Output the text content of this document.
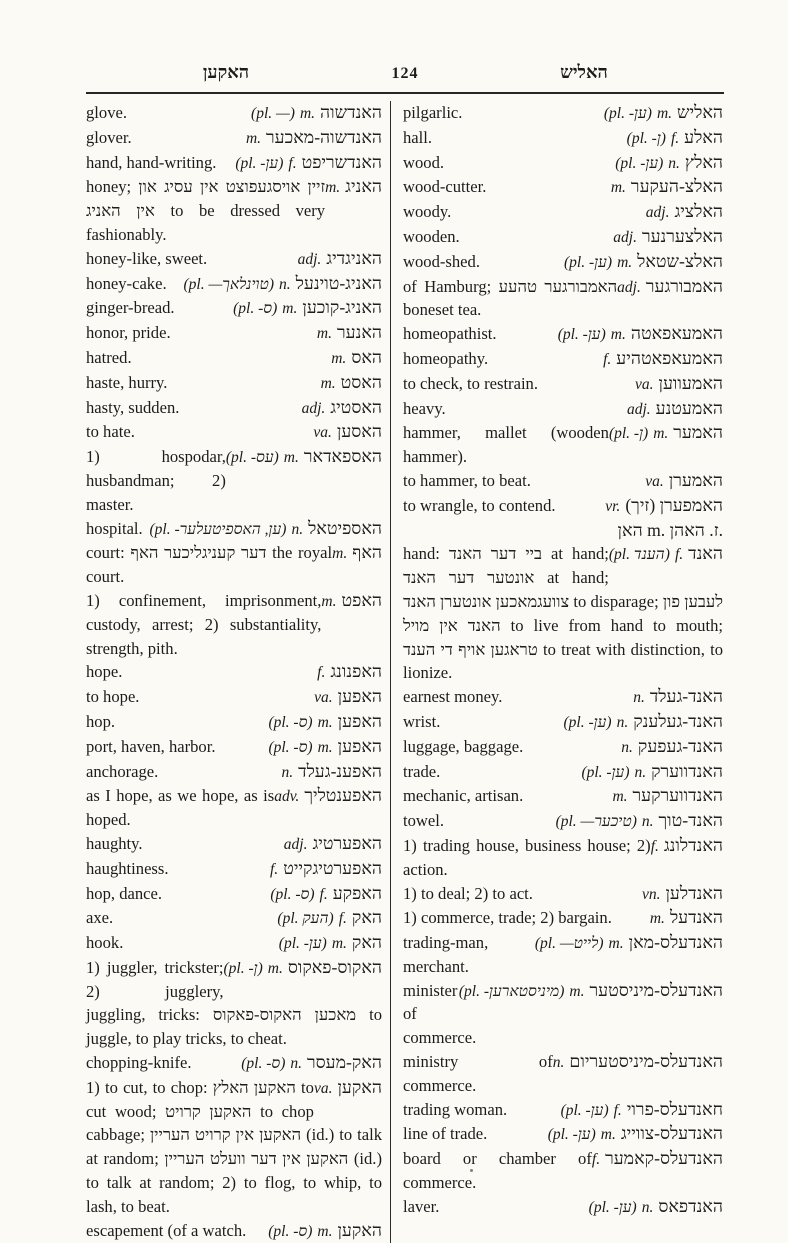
האקען	124	האליש
(pl. —) m. האנדשוה
glove.
m. האנדשוה-מאכער
glover.
(pl. -ען) f. האנדשריפט
hand, hand-writing.
m. האניג
honey; זיין אויסגעפוצט אין עסיג און אין האניג to be dressed very fashionably.
adj. האניגדיג
honey-like, sweet.
(pl. —טוינלאך) n. האניג-טוינעל
honey-cake.
(pl. -ס) m. האניג-קוכען
ginger-bread.
m. האנער
honor, pride.
m. האס
hatred.
m. האסט
haste, hurry.
adj. האסטיג
hasty, sudden.
va. האסען
to hate.
(pl. -עס) m. האספאדאר
1) hospodar, husbandman; 2) master.
(pl. -ען, האספיטעלער) n. האספיטאל
hospital.
m. האף
court: דער קעניגליכער האף the royal court.
m. האפט
1) confinement, imprisonment, custody, arrest; 2) substantiality, strength, pith.
f. האפנונג
hope.
va. האפען
to hope.
(pl. -ס) m. האפען
hop.
(pl. -ס) m. האפען
port, haven, harbor.
n. האפענ-געלד
anchorage.
adv. האפענטליך
as I hope, as we hope, as is hoped.
adj. האפערטיג
haughty.
f. האפערטיגקייט
haughtiness.
(pl. -ס) f. האפקע
hop, dance.
(pl. העק) f. האק
axe.
(pl. -ען) m. האק
hook.
(pl. -ן) m. האקוס-פאקוס
1) juggler, trickster; 2) jugglery, juggling, tricks: מאכען האקוס-פאקוס to juggle, to play tricks, to cheat.
(pl. -ס) n. האק-מעסר
chopping-knife.
va. האקען
1) to cut, to chop: האקען האלץ to cut wood; האקען קרויט to chop cabbage; האקען אין קרויט העריין (id.) to talk at random; האקען אין דער וועלט העריין (id.) to talk at random; 2) to flog, to whip, to lash, to beat.
(pl. -ס) m. האקען
escapement (of a watch.
(pl. -ען) m. האליש
pilgarlic.
(pl. -ן) f. האלע
hall.
(pl. -ען) n. האלץ
wood.
m. האלצ-העקער
wood-cutter.
adj. האלציג
woody.
adj. האלצערנער
wooden.
(pl. -ען) m. האלצ-שטאל
wood-shed.
adj. האמבורגער
of Hamburg; האמבורגער טהעע boneset tea.
(pl. -ען) m. האמעאפאטה
homeopathist.
f. האמעאפאטהיע
homeopathy.
va. האמעווען
to check, to restrain.
adj. האמעטנע
heavy.
(pl. -ן) m. האמער
hammer, mallet (wooden hammer).
va. האמערן
to hammer, to beat.
vr. האמפערן (זיך)
to wrangle, to contend.
האן m. ז. האהן.
(pl. הענד) f. האנד
hand: ביי דער האנד at hand; אונטער דער האנד at hand; צוועגמאכען אונטערן האנד to disparage; לעבען פון האנד אין מויל to live from hand to mouth; טראגען אויף די הענד to treat with distinction, to lionize.
n. האנד-געלד
earnest money.
(pl. -ען) n. האנד-געלענק
wrist.
n. האנד-געפעק
luggage, baggage.
(pl. -ען) n. האנדווערק
trade.
m. האנדווערקער
mechanic, artisan.
(pl. —טיכער) n. האנד-טוך
towel.
f. האנדלונג
1) trading house, business house; 2) action.
vn. האנדלען
1) to deal; 2) to act.
m. האנדעל
1) commerce, trade; 2) bargain.
(pl. —לייט) m. האנדעלס-מאן
trading-man, merchant.
(pl. -מיניסטארען) m. האנדעלס-מיניסטער
minister of commerce.
n. האנדעלס-מיניסטעריום
ministry of commerce.
(pl. -ען) f. חאנדעלס-פרוי
trading woman.
(pl. -ען) m. האנדעלס-צווייג
line of trade.
f. האנדעלס-קאמער
board or chamber of commerce.
(pl. -ען) n. האנדפאס
laver.
